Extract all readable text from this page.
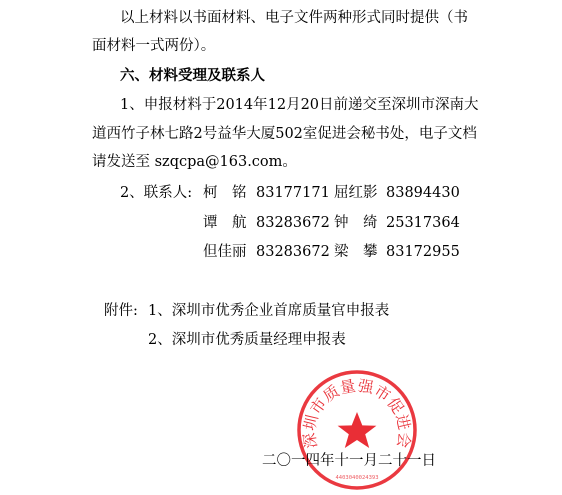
以上材料以书面材料、电子文件两种形式同时提供（书
面材料一式两份）。
六、材料受理及联系人
1、申报材料于2014年12月20日前递交至深圳市深南大
道西竹子林七路2号益华大厦502室促进会秘书处，电子文档
请发送至 szqcpa@163.com。
2、联系人: 柯　铭 83177171 屈红影 83894430
谭　航 83283672 钟　绮 25317364
但佳丽 83283672 梁　攀 83172955
附件: 1、深圳市优秀企业首席质量官申报表
2、深圳市优秀质量经理申报表
深圳市质量强市促进会
4403040024393
二〇一四年十一月二十一日
